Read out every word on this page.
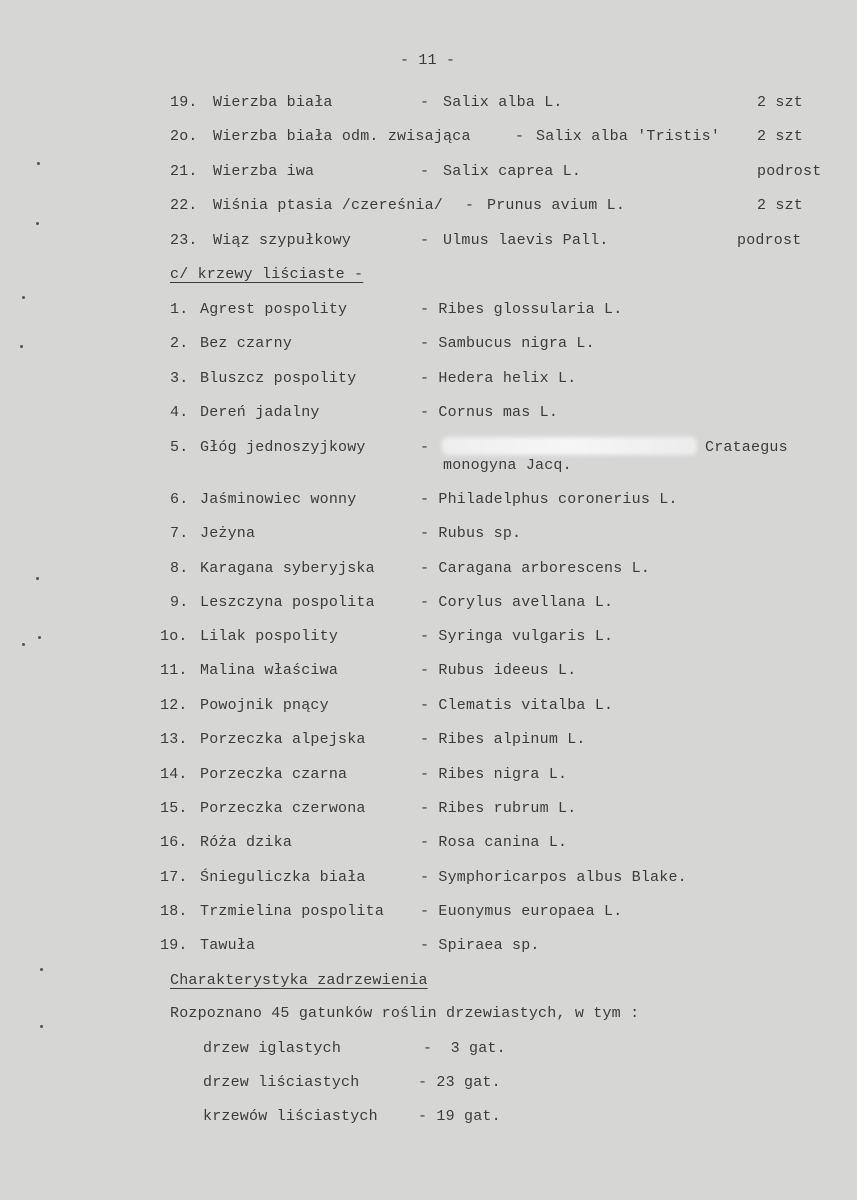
- 11 -
19. Wierzba biała	- Salix alba L.	2 szt
2o. Wierzba biała odm. zwisająca	- Salix alba 'Tristis' 2 szt
21. Wierzba iwa	- Salix caprea L.	podrost
22. Wiśnia ptasia /czereśnia/ - Prunus avium L.	2 szt
23. Wiąz szypułkowy	- Ulmus laevis Pall.	podrost
c/ krzewy liściaste -
1. Agrest pospolity	- Ribes glossularia L.
2. Bez czarny	- Sambucus nigra L.
3. Bluszcz pospolity	- Hedera helix L.
4. Dereń jadalny	- Cornus mas L.
5. Głóg jednoszyjkowy	-	Crataegus
monogyna Jacq.
6. Jaśminowiec wonny	- Philadelphus coronerius L.
7. Jeżyna	- Rubus sp.
8. Karagana syberyjska	- Caragana arborescens L.
9. Leszczyna pospolita	- Corylus avellana L.
1o. Lilak pospolity	- Syringa vulgaris L.
11. Malina właściwa	- Rubus ideeus L.
12. Powojnik pnący	- Clematis vitalba L.
13. Porzeczka alpejska	- Ribes alpinum L.
14. Porzeczka czarna	- Ribes nigra L.
15. Porzeczka czerwona	- Ribes rubrum L.
16. Róża dzika	- Rosa canina L.
17. Śnieguliczka biała	- Symphoricarpos albus Blake.
18. Trzmielina pospolita - Euonymus europaea L.
19. Tawuła	- Spiraea sp.
Charakterystyka zadrzewienia
Rozpoznano 45 gatunków roślin drzewiastych, w tym :
drzew iglastych	-  3 gat.
drzew liściastych	- 23 gat.
krzewów liściastych	- 19 gat.
